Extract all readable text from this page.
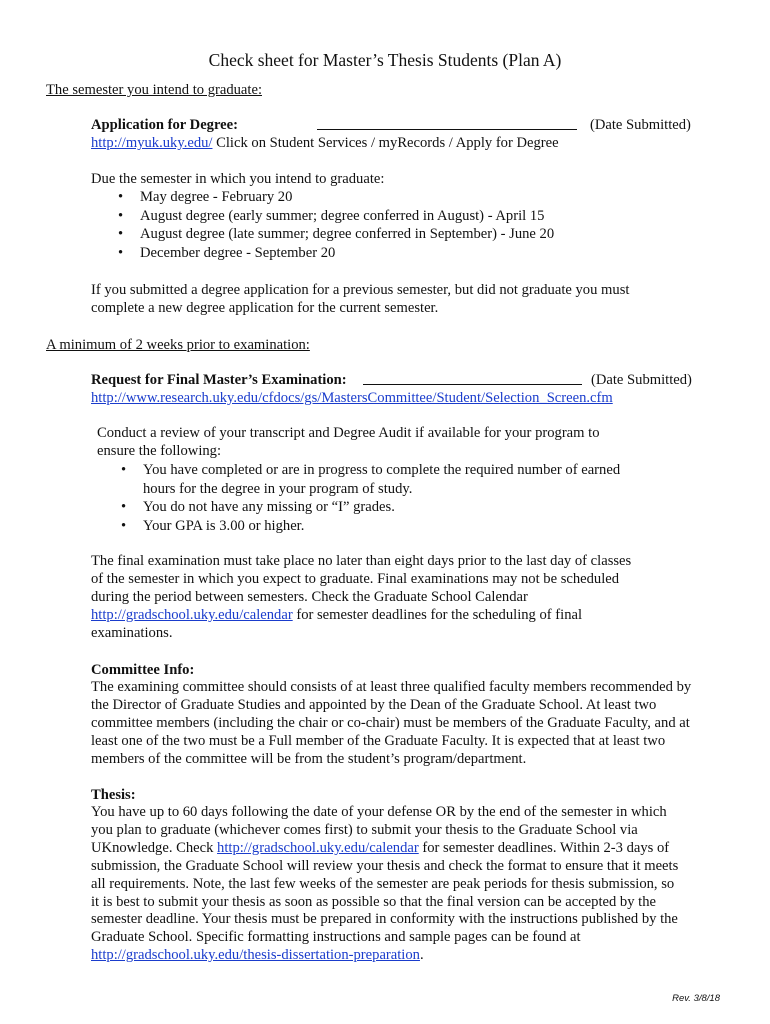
Check sheet for Master’s Thesis Students (Plan A)
The semester you intend to graduate:
Application for Degree:	(Date Submitted)
http://myuk.uky.edu/ Click on Student Services / myRecords / Apply for Degree
Due the semester in which you intend to graduate:
• May degree - February 20
• August degree (early summer; degree conferred in August) - April 15
• August degree (late summer; degree conferred in September) - June 20
• December degree - September 20
If you submitted a degree application for a previous semester, but did not graduate you must
complete a new degree application for the current semester.
A minimum of 2 weeks prior to examination:
Request for Final Master’s Examination:	(Date Submitted)
http://www.research.uky.edu/cfdocs/gs/MastersCommittee/Student/Selection_Screen.cfm
Conduct a review of your transcript and Degree Audit if available for your program to
ensure the following:
• You have completed or are in progress to complete the required number of earned
hours for the degree in your program of study.
• You do not have any missing or “I” grades.
• Your GPA is 3.00 or higher.
The final examination must take place no later than eight days prior to the last day of classes
of the semester in which you expect to graduate. Final examinations may not be scheduled
during the period between semesters. Check the Graduate School Calendar
http://gradschool.uky.edu/calendar for semester deadlines for the scheduling of final
examinations.
Committee Info:
The examining committee should consists of at least three qualified faculty members recommended by
the Director of Graduate Studies and appointed by the Dean of the Graduate School. At least two
committee members (including the chair or co-chair) must be members of the Graduate Faculty, and at
least one of the two must be a Full member of the Graduate Faculty. It is expected that at least two
members of the committee will be from the student’s program/department.
Thesis:
You have up to 60 days following the date of your defense OR by the end of the semester in which
you plan to graduate (whichever comes first) to submit your thesis to the Graduate School via
UKnowledge. Check http://gradschool.uky.edu/calendar for semester deadlines. Within 2-3 days of
submission, the Graduate School will review your thesis and check the format to ensure that it meets
all requirements. Note, the last few weeks of the semester are peak periods for thesis submission, so
it is best to submit your thesis as soon as possible so that the final version can be accepted by the
semester deadline. Your thesis must be prepared in conformity with the instructions published by the
Graduate School. Specific formatting instructions and sample pages can be found at
http://gradschool.uky.edu/thesis-dissertation-preparation.
Rev. 3/8/18
